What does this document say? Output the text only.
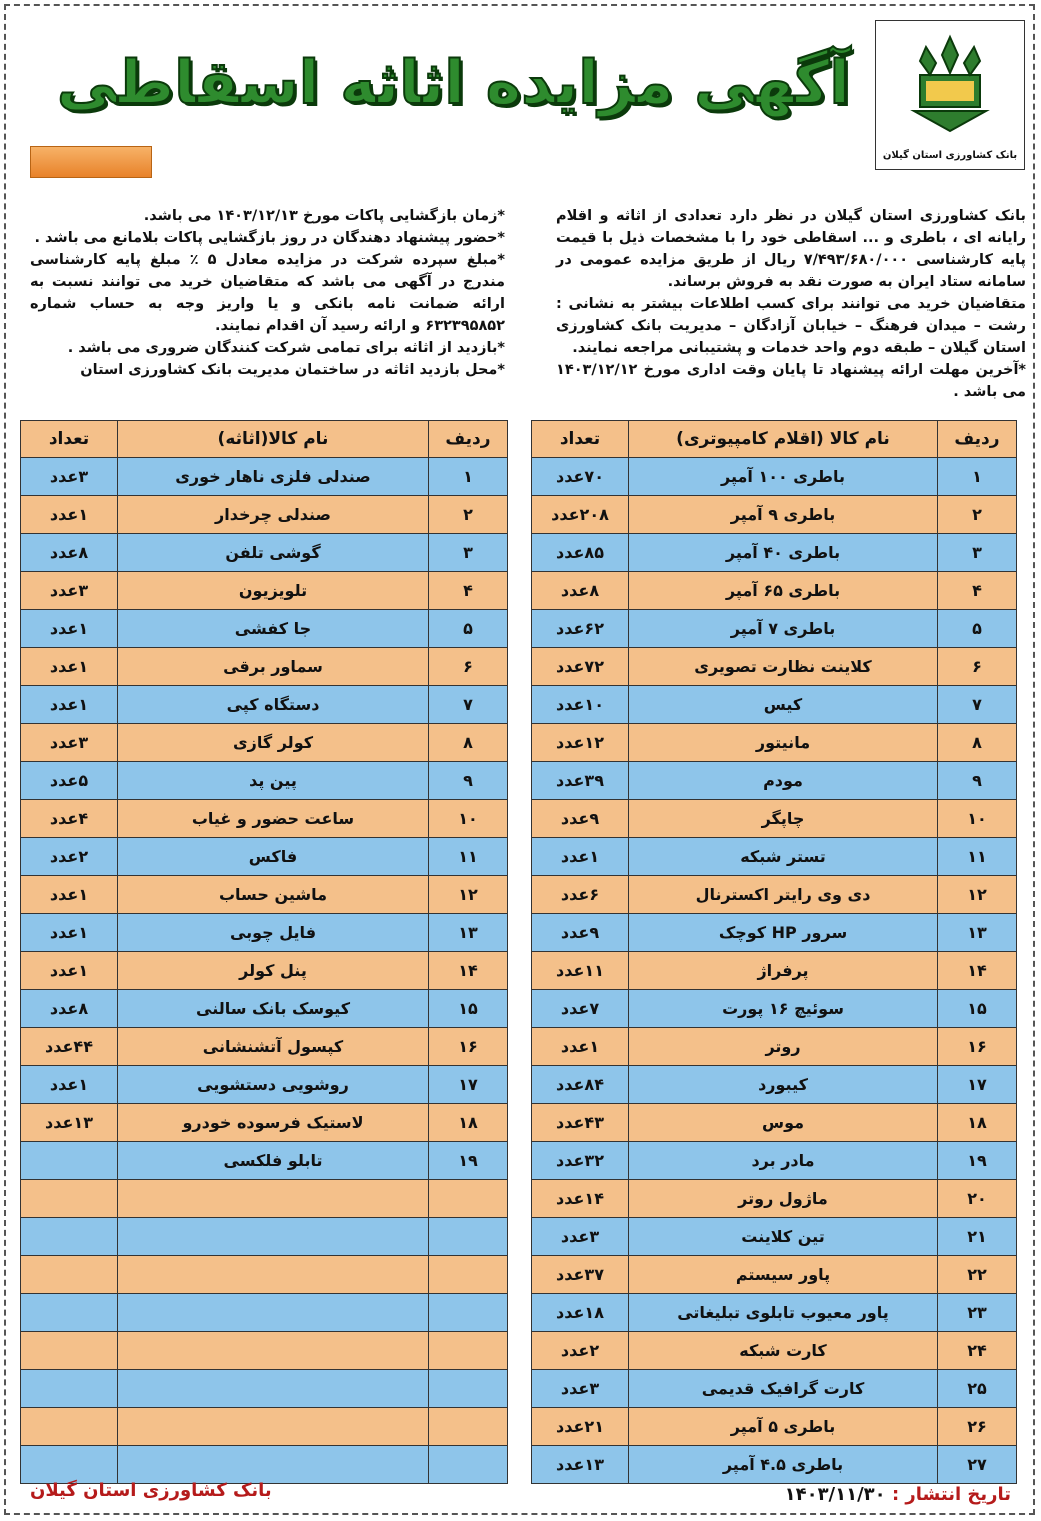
بانک کشاورزی استان گیلان
آگهی مزایده اثاثه اسقاطی

بانک کشاورزی استان گیلان در نظر دارد تعدادی از اثاثه و اقلام رایانه ای ، باطری و ... اسقاطی خود را با مشخصات ذیل با قیمت پایه کارشناسی ۷/۴۹۳/۶۸۰/۰۰۰ ریال از طریق مزایده عمومی در سامانه ستاد ایران به صورت نقد به فروش برساند.

متقاضیان خرید می توانند برای کسب اطلاعات بیشتر به نشانی : رشت – میدان فرهنگ – خیابان آزادگان – مدیریت بانک کشاورزی استان گیلان – طبقه دوم واحد خدمات و پشتیبانی مراجعه نمایند.

*آخرین مهلت ارائه پیشنهاد تا پایان وقت اداری مورخ ۱۴۰۳/۱۲/۱۲ می باشد .

*زمان بازگشایی پاکات مورخ ۱۴۰۳/۱۲/۱۳ می باشد.

*حضور پیشنهاد دهندگان در روز بازگشایی پاکات بلامانع می باشد .

*مبلغ سپرده شرکت در مزایده معادل ۵ ٪ مبلغ پایه کارشناسی مندرج در آگهی می باشد که متقاضیان خرید می توانند نسبت به ارائه ضمانت نامه بانکی و یا واریز وجه به حساب شماره ۶۳۲۳۹۵۸۵۲ و ارائه رسید آن اقدام نمایند.

*بازدید از اثاثه برای تمامی شرکت کنندگان ضروری می باشد .

*محل بازدید اثاثه در ساختمان مدیریت بانک کشاورزی استان

ردیف	نام کالا (اقلام کامپیوتری)	تعداد
۱	باطری ۱۰۰ آمپر	۷۰عدد
۲	باطری ۹ آمپر	۲۰۸عدد
۳	باطری ۴۰ آمپر	۸۵عدد
۴	باطری ۶۵ آمپر	۸عدد
۵	باطری ۷ آمپر	۶۲عدد
۶	کلاینت نظارت تصویری	۷۲عدد
۷	کیس	۱۰عدد
۸	مانیتور	۱۲عدد
۹	مودم	۳۹عدد
۱۰	چاپگر	۹عدد
۱۱	تستر شبکه	۱عدد
۱۲	دی وی رایتر اکسترنال	۶عدد
۱۳	سرور HP کوچک	۹عدد
۱۴	پرفراژ	۱۱عدد
۱۵	سوئیچ ۱۶ پورت	۷عدد
۱۶	روتر	۱عدد
۱۷	کیبورد	۸۴عدد
۱۸	موس	۴۳عدد
۱۹	مادر برد	۳۲عدد
۲۰	ماژول روتر	۱۴عدد
۲۱	تین کلاینت	۳عدد
۲۲	پاور سیستم	۳۷عدد
۲۳	پاور معیوب تابلوی تبلیغاتی	۱۸عدد
۲۴	کارت شبکه	۲عدد
۲۵	کارت گرافیک قدیمی	۳عدد
۲۶	باطری ۵ آمپر	۲۱عدد
۲۷	باطری ۴.۵ آمپر	۱۳عدد
ردیف	نام کالا(اثاثه)	تعداد
۱	صندلی فلزی ناهار خوری	۳عدد
۲	صندلی چرخدار	۱عدد
۳	گوشی تلفن	۸عدد
۴	تلویزیون	۳عدد
۵	جا کفشی	۱عدد
۶	سماور برقی	۱عدد
۷	دستگاه کپی	۱عدد
۸	کولر گازی	۳عدد
۹	پین پد	۵عدد
۱۰	ساعت حضور و غیاب	۴عدد
۱۱	فاکس	۲عدد
۱۲	ماشین حساب	۱عدد
۱۳	فایل چوبی	۱عدد
۱۴	پنل کولر	۱عدد
۱۵	کیوسک بانک سالنی	۸عدد
۱۶	کپسول آتشنشانی	۴۴عدد
۱۷	روشویی دستشویی	۱عدد
۱۸	لاستیک فرسوده خودرو	۱۳عدد
۱۹	تابلو فلکسی	

تاریخ انتشار : ۱۴۰۳/۱۱/۳۰
بانک کشاورزی استان گیلان
